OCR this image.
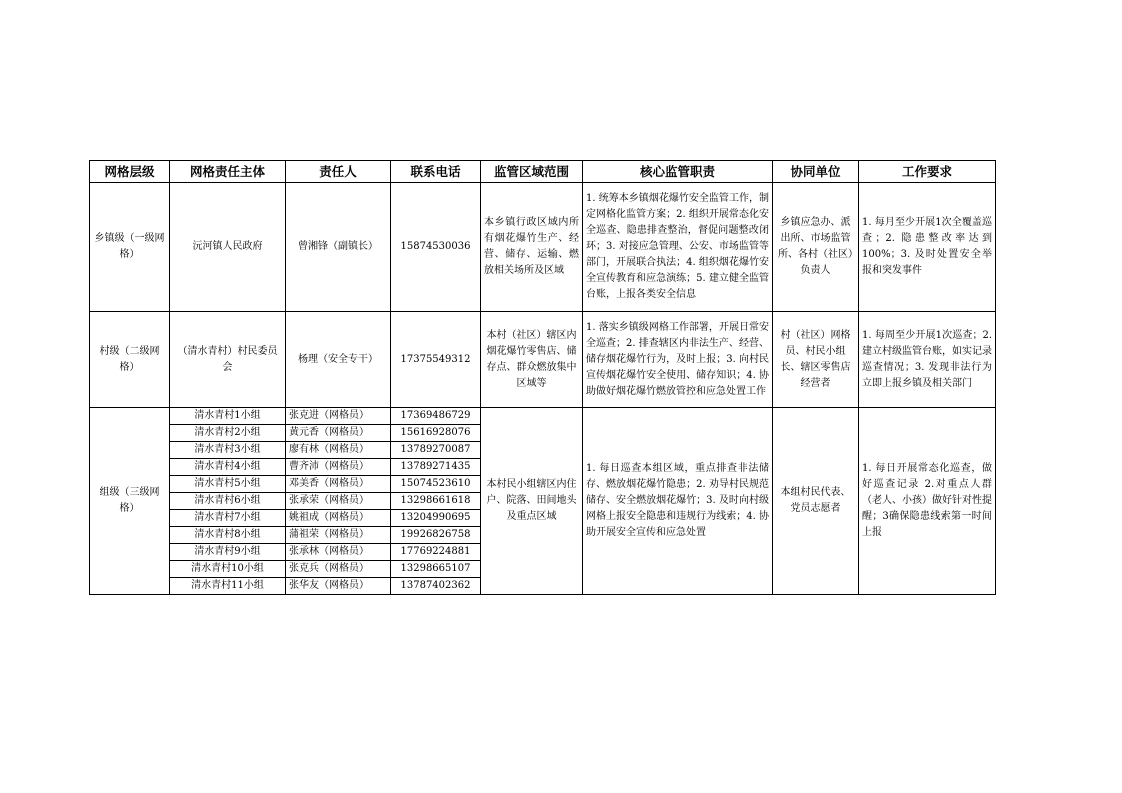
网格层级	网格责任主体	责任人	联系电话	监管区域范围	核心监管职责	协同单位	工作要求
乡镇级（一级网格）	沅河镇人民政府	曾湘锋（副镇长）	15874530036	本乡镇行政区域内所有烟花爆竹生产、经营、储存、运输、燃放相关场所及区域	1. 统筹本乡镇烟花爆竹安全监管工作，制定网格化监管方案；2. 组织开展常态化安全巡查、隐患排查整治，督促问题整改闭环；3. 对接应急管理、公安、市场监管等部门，开展联合执法；4. 组织烟花爆竹安全宣传教育和应急演练；5. 建立健全监管台账，上报各类安全信息	乡镇应急办、派出所、市场监管所、各村（社区）负责人	1. 每月至少开展1次全覆盖巡查；2. 隐患整改率达到100%；3. 及时处置安全举报和突发事件
村级（二级网格）	（清水青村）村民委员会	杨理（安全专干）	17375549312	本村（社区）辖区内烟花爆竹零售店、储存点、群众燃放集中区域等	1. 落实乡镇级网格工作部署，开展日常安全巡查；2. 排查辖区内非法生产、经营、储存烟花爆竹行为，及时上报；3. 向村民宣传烟花爆竹安全使用、储存知识；4. 协助做好烟花爆竹燃放管控和应急处置工作	村（社区）网格员、村民小组长、辖区零售店经营者	1. 每周至少开展1次巡查；2. 建立村级监管台账，如实记录巡查情况；3. 发现非法行为立即上报乡镇及相关部门
组级（三级网格）	清水青村1小组	张克进（网格员）	17369486729	本村民小组辖区内住户、院落、田间地头及重点区域	1. 每日巡查本组区域，重点排查非法储存、燃放烟花爆竹隐患；2. 劝导村民规范储存、安全燃放烟花爆竹；3. 及时向村级网格上报安全隐患和违规行为线索；4. 协助开展安全宣传和应急处置	本组村民代表、党员志愿者	1. 每日开展常态化巡查，做好巡查记录 2.对重点人群（老人、小孩）做好针对性提醒；3确保隐患线索第一时间上报
	清水青村2小组	黄元香（网格员）	15616928076				
	清水青村3小组	廖有林（网格员）	13789270087				
	清水青村4小组	曹齐沛（网格员）	13789271435				
	清水青村5小组	邓美香（网格员）	15074523610				
	清水青村6小组	张承荣（网格员）	13298661618				
	清水青村7小组	姚祖成（网格员）	13204990695				
	清水青村8小组	蒲祖荣（网格员）	19926826758				
	清水青村9小组	张承林（网格员）	17769224881				
	清水青村10小组	张克兵（网格员）	13298665107				
	清水青村11小组	张华友（网格员）	13787402362				
